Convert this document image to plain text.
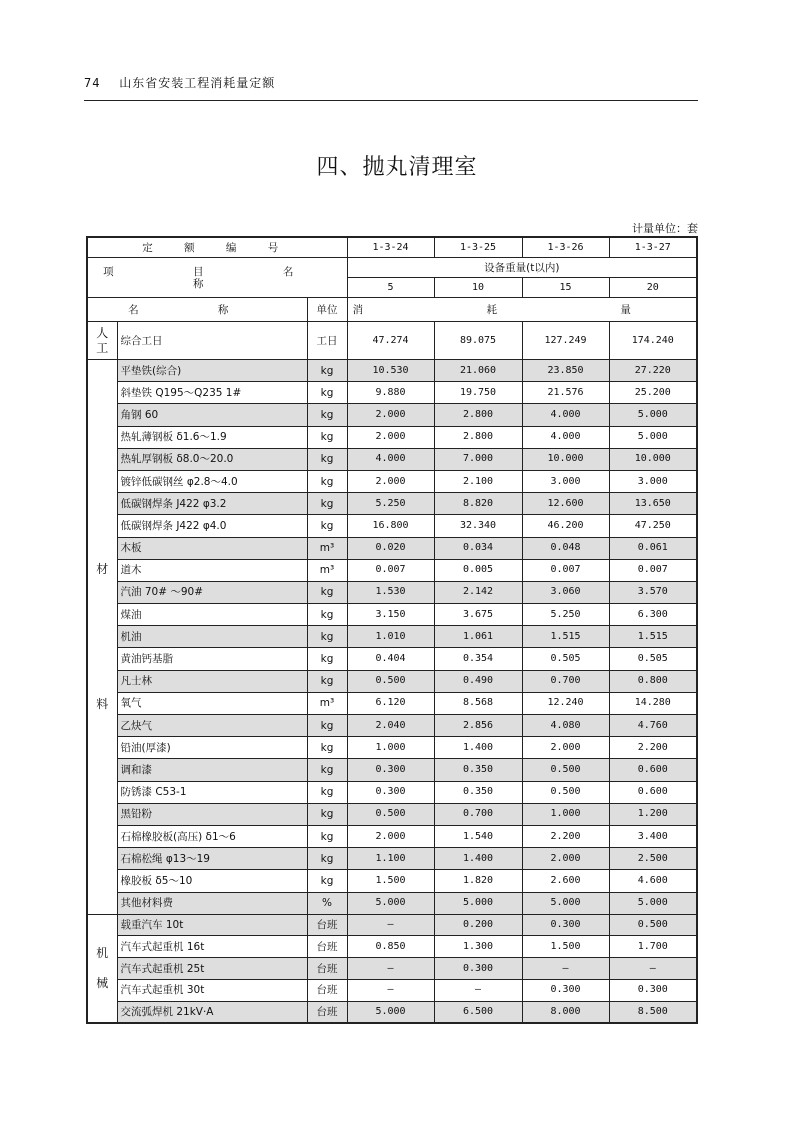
74 山东省安装工程消耗量定额
四、抛丸清理室
计量单位：套
定 额 编 号			1-3-24	1-3-25	1-3-26	1-3-27
项 目 名 称			设备重量(t以内)			
			5	10	15	20
名 称		单位	消 耗 量			
人
工	综合工日	工日	47.274	89.075	127.249	174.240
材

料	平垫铁(综合)	kg	10.530	21.060	23.850	27.220
	斜垫铁 Q195～Q235 1#	kg	9.880	19.750	21.576	25.200
	角钢 60	kg	2.000	2.800	4.000	5.000
	热轧薄钢板 δ1.6～1.9	kg	2.000	2.800	4.000	5.000
	热轧厚钢板 δ8.0～20.0	kg	4.000	7.000	10.000	10.000
	镀锌低碳钢丝 φ2.8～4.0	kg	2.000	2.100	3.000	3.000
	低碳钢焊条 J422 φ3.2	kg	5.250	8.820	12.600	13.650
	低碳钢焊条 J422 φ4.0	kg	16.800	32.340	46.200	47.250
	木板	m³	0.020	0.034	0.048	0.061
	道木	m³	0.007	0.005	0.007	0.007
	汽油 70# ～90#	kg	1.530	2.142	3.060	3.570
	煤油	kg	3.150	3.675	5.250	6.300
	机油	kg	1.010	1.061	1.515	1.515
	黄油钙基脂	kg	0.404	0.354	0.505	0.505
	凡士林	kg	0.500	0.490	0.700	0.800
	氧气	m³	6.120	8.568	12.240	14.280
	乙炔气	kg	2.040	2.856	4.080	4.760
	铅油(厚漆)	kg	1.000	1.400	2.000	2.200
	调和漆	kg	0.300	0.350	0.500	0.600
	防锈漆 C53-1	kg	0.300	0.350	0.500	0.600
	黑铅粉	kg	0.500	0.700	1.000	1.200
	石棉橡胶板(高压) δ1～6	kg	2.000	1.540	2.200	3.400
	石棉松绳 φ13～19	kg	1.100	1.400	2.000	2.500
	橡胶板 δ5～10	kg	1.500	1.820	2.600	4.600
	其他材料费	%	5.000	5.000	5.000	5.000
机

械	载重汽车 10t	台班	—	0.200	0.300	0.500
	汽车式起重机 16t	台班	0.850	1.300	1.500	1.700
	汽车式起重机 25t	台班	—	0.300	—	—
	汽车式起重机 30t	台班	—	—	0.300	0.300
	交流弧焊机 21kV·A	台班	5.000	6.500	8.000	8.500
